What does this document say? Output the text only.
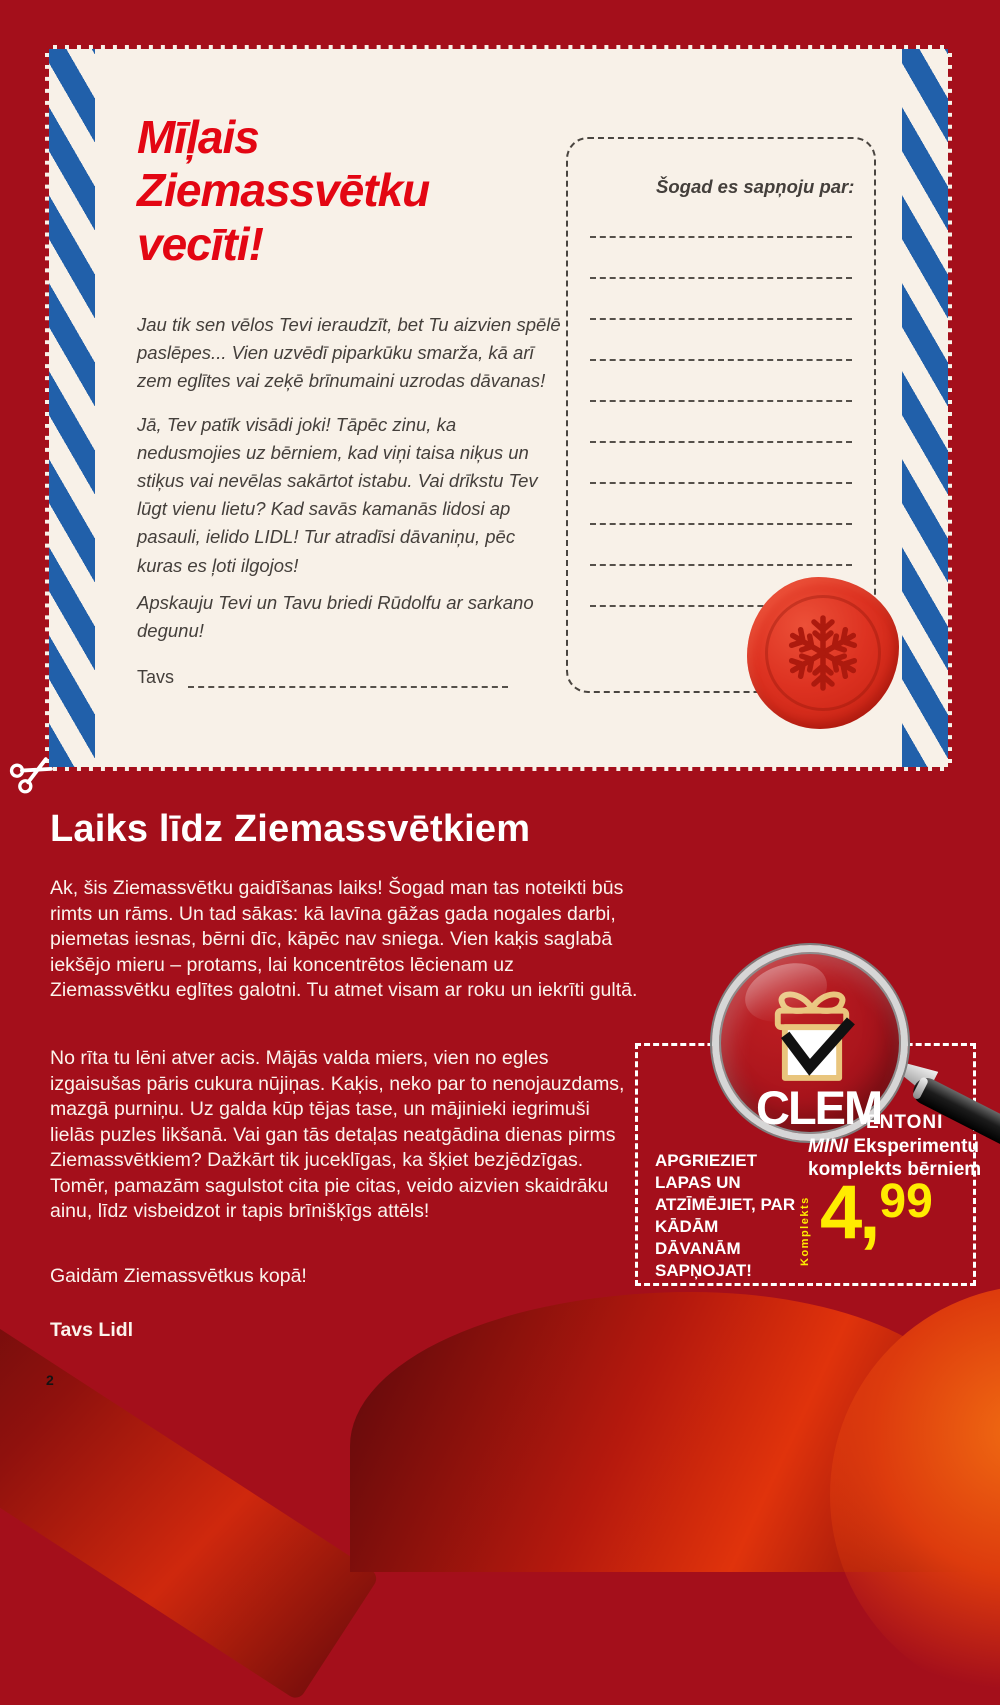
Mīļais
Ziemassvētku
vecīti!

Jau tik sen vēlos Tevi ieraudzīt, bet Tu aizvien spēlē paslēpes... Vien uzvēdī piparkūku smarža, kā arī zem eglītes vai zeķē brīnumaini uzrodas dāvanas!

Jā, Tev patīk visādi joki! Tāpēc zinu, ka nedusmojies uz bērniem, kad viņi taisa niķus un stiķus vai nevēlas sakārtot istabu. Vai drīkstu Tev lūgt vienu lietu? Kad savās kamanās lidosi ap pasauli, ielido LIDL! Tur atradīsi dāvaniņu, pēc kuras es ļoti ilgojos!

Apskauju Tevi un Tavu briedi Rūdolfu ar sarkano degunu!

Tavs

Šogad es sapņoju par:

Laiks līdz Ziemassvētkiem

Ak, šis Ziemassvētku gaidīšanas laiks! Šogad man tas noteikti būs rimts un rāms. Un tad sākas: kā lavīna gāžas gada nogales darbi, piemetas iesnas, bērni dīc, kāpēc nav sniega. Vien kaķis saglabā iekšējo mieru – protams, lai koncentrētos lēcienam uz Ziemassvētku eglītes galotni. Tu atmet visam ar roku un iekrīti gultā.

No rīta tu lēni atver acis. Mājās valda miers, vien no egles izgaisušas pāris cukura nūjiņas. Kaķis, neko par to nenojauzdams, mazgā purniņu. Uz galda kūp tējas tase, un mājinieki iegrimuši lielās puzles likšanā. Vai gan tās detaļas neatgādina dienas pirms Ziemassvētkiem? Dažkārt tik juceklīgas, ka šķiet bezjēdzīgas. Tomēr, pamazām sagulstot cita pie citas, veido aizvien skaidrāku ainu, līdz visbeidzot ir tapis brīnišķīgs attēls!

Gaidām Ziemassvētkus kopā!

Tavs Lidl

2
APGRIEZIET LAPAS UN ATZĪMĒJIET, PAR KĀDĀM DĀVANĀM SAPŅOJAT!
CLEM
ENTONI
MINI Eksperimentu
komplekts bērniem
Komplekts 4, 99
